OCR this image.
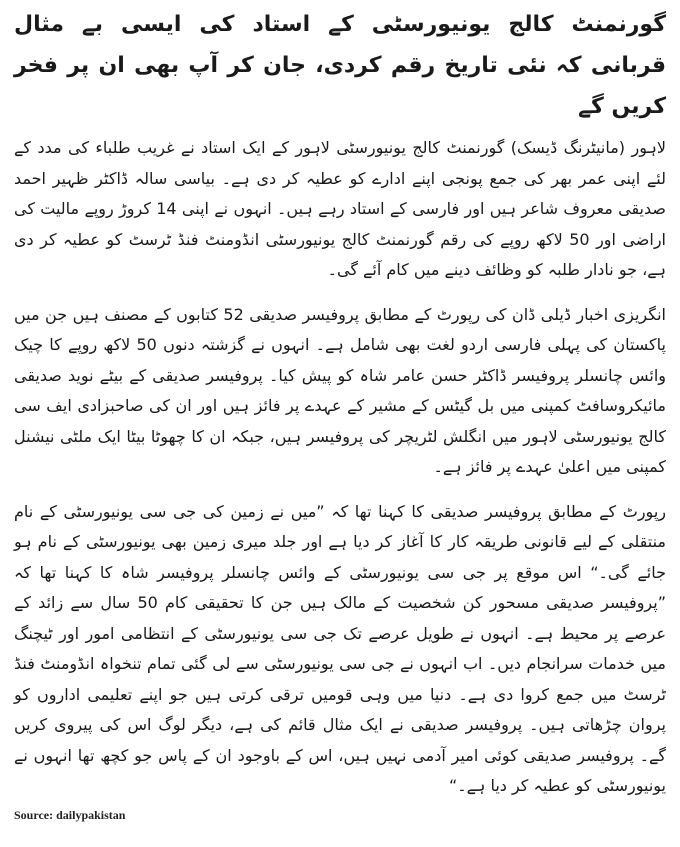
گورنمنٹ کالج یونیورسٹی کے استاد کی ایسی بے مثال قربانی کہ نئی تاریخ رقم کردی، جان کر آپ بھی ان پر فخر کریں گے

لاہور (مانیٹرنگ ڈیسک) گورنمنٹ کالج یونیورسٹی لاہور کے ایک استاد نے غریب طلباء کی مدد کے لئے اپنی عمر بھر کی جمع پونجی اپنے ادارے کو عطیہ کر دی ہے۔ بیاسی سالہ ڈاکٹر ظہیر احمد صدیقی معروف شاعر ہیں اور فارسی کے استاد رہے ہیں۔ انہوں نے اپنی 14 کروڑ روپے مالیت کی اراضی اور 50 لاکھ روپے کی رقم گورنمنٹ کالج یونیورسٹی انڈومنٹ فنڈ ٹرسٹ کو عطیہ کر دی ہے، جو نادار طلبہ کو وظائف دینے میں کام آئے گی۔

انگریزی اخبار ڈیلی ڈان کی رپورٹ کے مطابق پروفیسر صدیقی 52 کتابوں کے مصنف ہیں جن میں پاکستان کی پہلی فارسی اردو لغت بھی شامل ہے۔ انہوں نے گزشتہ دنوں 50 لاکھ روپے کا چیک وائس چانسلر پروفیسر ڈاکٹر حسن عامر شاہ کو پیش کیا۔ پروفیسر صدیقی کے بیٹے نوید صدیقی مائیکروسافٹ کمپنی میں بل گیٹس کے مشیر کے عہدے پر فائز ہیں اور ان کی صاحبزادی ایف سی کالج یونیورسٹی لاہور میں انگلش لٹریچر کی پروفیسر ہیں، جبکہ ان کا چھوٹا بیٹا ایک ملٹی نیشنل کمپنی میں اعلیٰ عہدے پر فائز ہے۔

رپورٹ کے مطابق پروفیسر صدیقی کا کہنا تھا کہ ”میں نے زمین کی جی سی یونیورسٹی کے نام منتقلی کے لیے قانونی طریقہ کار کا آغاز کر دیا ہے اور جلد میری زمین بھی یونیورسٹی کے نام ہو جائے گی۔“ اس موقع پر جی سی یونیورسٹی کے وائس چانسلر پروفیسر شاہ کا کہنا تھا کہ ”پروفیسر صدیقی مسحور کن شخصیت کے مالک ہیں جن کا تحقیقی کام 50 سال سے زائد کے عرصے پر محیط ہے۔ انہوں نے طویل عرصے تک جی سی یونیورسٹی کے انتظامی امور اور ٹیچنگ میں خدمات سرانجام دیں۔ اب انہوں نے جی سی یونیورسٹی سے لی گئی تمام تنخواہ انڈومنٹ فنڈ ٹرسٹ میں جمع کروا دی ہے۔ دنیا میں وہی قومیں ترقی کرتی ہیں جو اپنے تعلیمی اداروں کو پروان چڑھاتی ہیں۔ پروفیسر صدیقی نے ایک مثال قائم کی ہے، دیگر لوگ اس کی پیروی کریں گے۔ پروفیسر صدیقی کوئی امیر آدمی نہیں ہیں، اس کے باوجود ان کے پاس جو کچھ تھا انہوں نے یونیورسٹی کو عطیہ کر دیا ہے۔“

Source: dailypakistan
